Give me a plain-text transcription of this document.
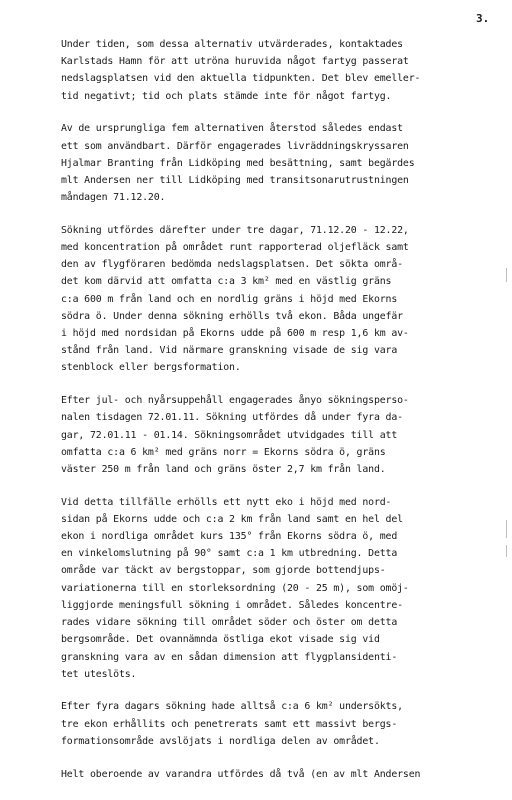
3.
Under tiden, som dessa alternativ utvärderades, kontaktades
Karlstads Hamn för att utröna huruvida något fartyg passerat
nedslagsplatsen vid den aktuella tidpunkten. Det blev emeller-
tid negativt; tid och plats stämde inte för något fartyg.
Av de ursprungliga fem alternativen återstod således endast
ett som användbart. Därför engagerades livräddningskryssaren
Hjalmar Branting från Lidköping med besättning, samt begärdes
mlt Andersen ner till Lidköping med transitsonarutrustningen
måndagen 71.12.20.
Sökning utfördes därefter under tre dagar, 71.12.20 - 12.22,
med koncentration på området runt rapporterad oljefläck samt
den av flygföraren bedömda nedslagsplatsen. Det sökta områ-
det kom därvid att omfatta c:a 3 km² med en västlig gräns
c:a 600 m från land och en nordlig gräns i höjd med Ekorns
södra ö. Under denna sökning erhölls två ekon. Båda ungefär
i höjd med nordsidan på Ekorns udde på 600 m resp 1,6 km av-
stånd från land. Vid närmare granskning visade de sig vara
stenblock eller bergsformation.
Efter jul- och nyårsuppehåll engagerades ånyo sökningsperso-
nalen tisdagen 72.01.11. Sökning utfördes då under fyra da-
gar, 72.01.11 - 01.14. Sökningsområdet utvidgades till att
omfatta c:a 6 km² med gräns norr = Ekorns södra ö, gräns
väster 250 m från land och gräns öster 2,7 km från land.
Vid detta tillfälle erhölls ett nytt eko i höjd med nord-
sidan på Ekorns udde och c:a 2 km från land samt en hel del
ekon i nordliga området kurs 135° från Ekorns södra ö, med
en vinkelomslutning på 90° samt c:a 1 km utbredning. Detta
område var täckt av bergstoppar, som gjorde bottendjups-
variationerna till en storleksordning (20 - 25 m), som omöj-
liggjorde meningsfull sökning i området. Således koncentre-
rades vidare sökning till området söder och öster om detta
bergsområde. Det ovannämnda östliga ekot visade sig vid
granskning vara av en sådan dimension att flygplansidenti-
tet uteslöts.
Efter fyra dagars sökning hade alltså c:a 6 km² undersökts,
tre ekon erhållits och penetrerats samt ett massivt bergs-
formationsområde avslöjats i nordliga delen av området.
Helt oberoende av varandra utfördes då två (en av mlt Andersen
